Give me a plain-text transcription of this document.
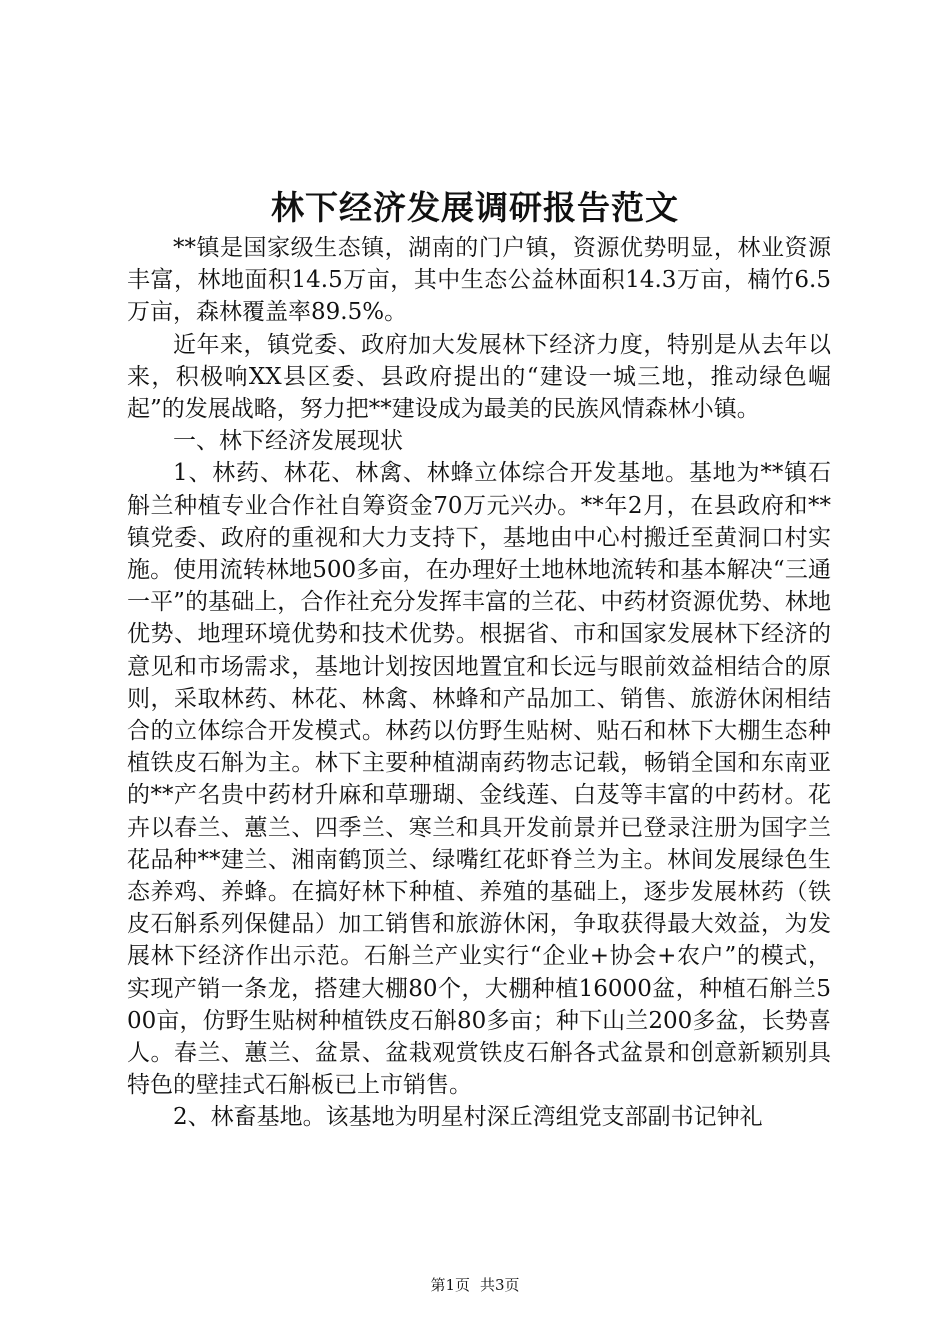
林下经济发展调研报告范文

**镇是国家级生态镇，湖南的门户镇，资源优势明显，林业资源丰富，林地面积14.5万亩，其中生态公益林面积14.3万亩，楠竹6.5万亩，森林覆盖率89.5%。

近年来，镇党委、政府加大发展林下经济力度，特别是从去年以来，积极响XX县区委、县政府提出的“建设一城三地，推动绿色崛起”的发展战略，努力把**建设成为最美的民族风情森林小镇。

一、林下经济发展现状

1、林药、林花、林禽、林蜂立体综合开发基地。基地为**镇石斛兰种植专业合作社自筹资金70万元兴办。**年2月，在县政府和**镇党委、政府的重视和大力支持下，基地由中心村搬迁至黄洞口村实施。使用流转林地500多亩，在办理好土地林地流转和基本解决“三通一平”的基础上，合作社充分发挥丰富的兰花、中药材资源优势、林地优势、地理环境优势和技术优势。根据省、市和国家发展林下经济的意见和市场需求，基地计划按因地置宜和长远与眼前效益相结合的原则，采取林药、林花、林禽、林蜂和产品加工、销售、旅游休闲相结合的立体综合开发模式。林药以仿野生贴树、贴石和林下大棚生态种植铁皮石斛为主。林下主要种植湖南药物志记载，畅销全国和东南亚的**产名贵中药材升麻和草珊瑚、金线莲、白芨等丰富的中药材。花卉以春兰、蕙兰、四季兰、寒兰和具开发前景并已登录注册为国字兰花品种**建兰、湘南鹤顶兰、绿嘴红花虾脊兰为主。林间发展绿色生态养鸡、养蜂。在搞好林下种植、养殖的基础上，逐步发展林药（铁皮石斛系列保健品）加工销售和旅游休闲，争取获得最大效益，为发展林下经济作出示范。石斛兰产业实行“企业+协会+农户”的模式，实现产销一条龙，搭建大棚80个，大棚种植16000盆，种植石斛兰500亩，仿野生贴树种植铁皮石斛80多亩；种下山兰200多盆，长势喜人。春兰、蕙兰、盆景、盆栽观赏铁皮石斛各式盆景和创意新颖别具特色的壁挂式石斛板已上市销售。

2、林畜基地。该基地为明星村深丘湾组党支部副书记钟礼

第1页 共3页
